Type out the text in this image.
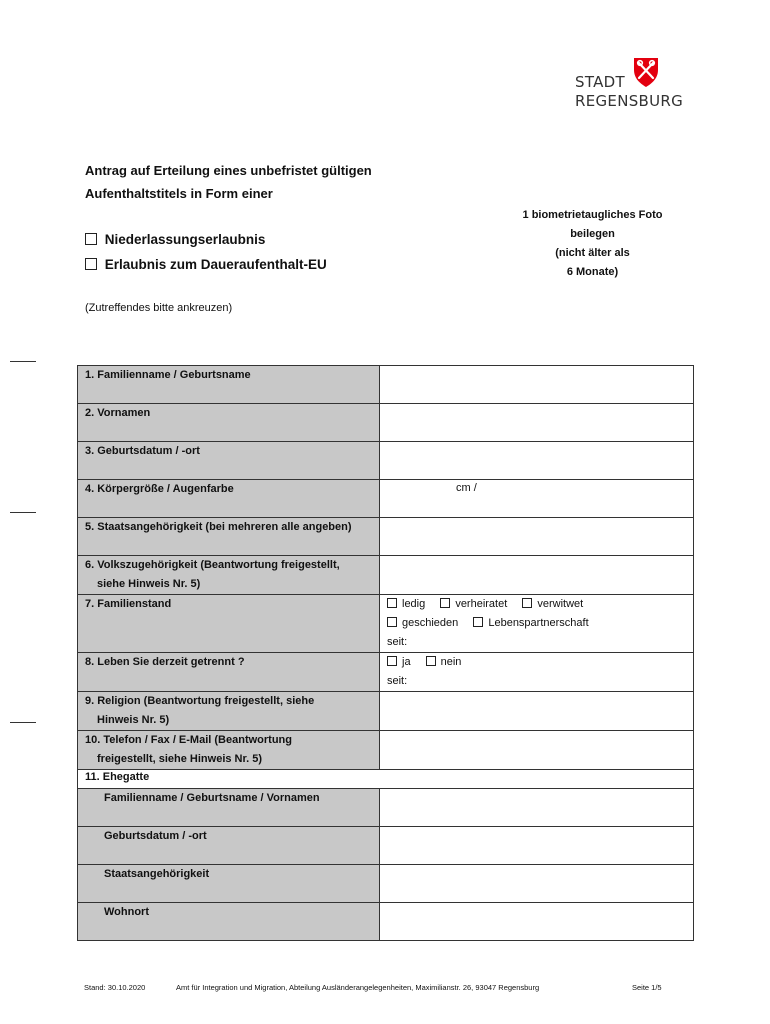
STADT
REGENSBURG
Antrag auf Erteilung eines unbefristet gültigen
Aufenthaltstitels in Form einer
Niederlassungserlaubnis
Erlaubnis zum Daueraufenthalt-EU
1 biometrietaugliches Foto
beilegen
(nicht älter als
6 Monate)
(Zutreffendes bitte ankreuzen)
1. Familienname / Geburtsname	

2. Vornamen	

3. Geburtsdatum / -ort	

4. Körpergröße / Augenfarbe	cm /

5. Staatsangehörigkeit (bei mehreren alle angeben)	

6. Volkszugehörigkeit (Beantwortung freigestellt,
siehe Hinweis Nr. 5)	

7. Familienstand	ledig verheiratet verwitwet
geschieden Lebenspartnerschaft
seit:

8. Leben Sie derzeit getrennt ?	ja nein
seit:

9. Religion (Beantwortung freigestellt, siehe
Hinweis Nr. 5)	

10. Telefon / Fax / E-Mail (Beantwortung
freigestellt, siehe Hinweis Nr. 5)	

11. Ehegatte	

Familienname / Geburtsname / Vornamen	

Geburtsdatum / -ort	

Staatsangehörigkeit	

Wohnort	

Stand: 30.10.2020	Amt für Integration und Migration, Abteilung Ausländerangelegenheiten, Maximilianstr. 26, 93047 Regensburg	Seite 1/5
